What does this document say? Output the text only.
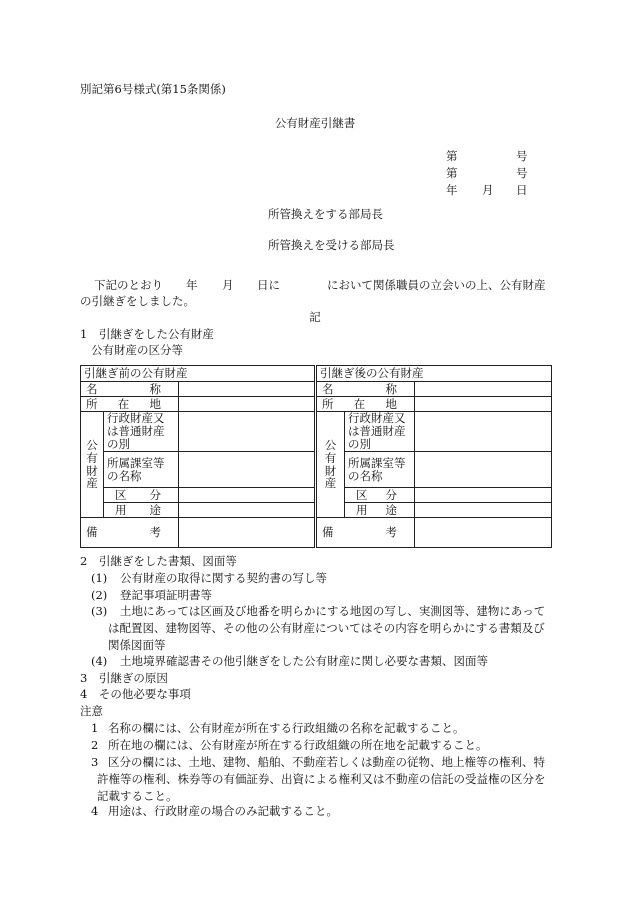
別記第6号様式(第15条関係)
公有財産引継書
第	号
第	号
年 月 日
所管換えをする部局長
所管換えを受ける部局長
下記のとおり 年 月 日に	において関係職員の立会いの上、公有財産
の引継ぎをしました。
記
1　引継ぎをした公有財産
公有財産の区分等
引継ぎ前の公有財産		

名 称		

所 在 地		

公
有
財
産	行政財産又は普通財産の別	
	所属課室等の名称	

	区 分	

	用 途	

備 考		

引継ぎ後の公有財産		

名 称		

所 在 地		

公
有
財
産	行政財産又は普通財産の別	
	所属課室等の名称	

	区 分	

	用 途	

備 考		

2　引継ぎをした書類、図面等
(1) 公有財産の取得に関する契約書の写し等
(2) 登記事項証明書等
(3)	土地にあっては区画及び地番を明らかにする地図の写し、実測図等、建物にあっては配置図、建物図等、その他の公有財産についてはその内容を明らかにする書類及び関係図面等
(4) 土地境界確認書その他引継ぎをした公有財産に関し必要な書類、図面等
3　引継ぎの原因
4　その他必要な事項
注意
1 名称の欄には、公有財産が所在する行政組織の名称を記載すること。
2 所在地の欄には、公有財産が所在する行政組織の所在地を記載すること。
3 区分の欄には、土地、建物、船舶、不動産若しくは動産の従物、地上権等の権利、特許権等の権利、株券等の有価証券、出資による権利又は不動産の信託の受益権の区分を記載すること。
4 用途は、行政財産の場合のみ記載すること。
